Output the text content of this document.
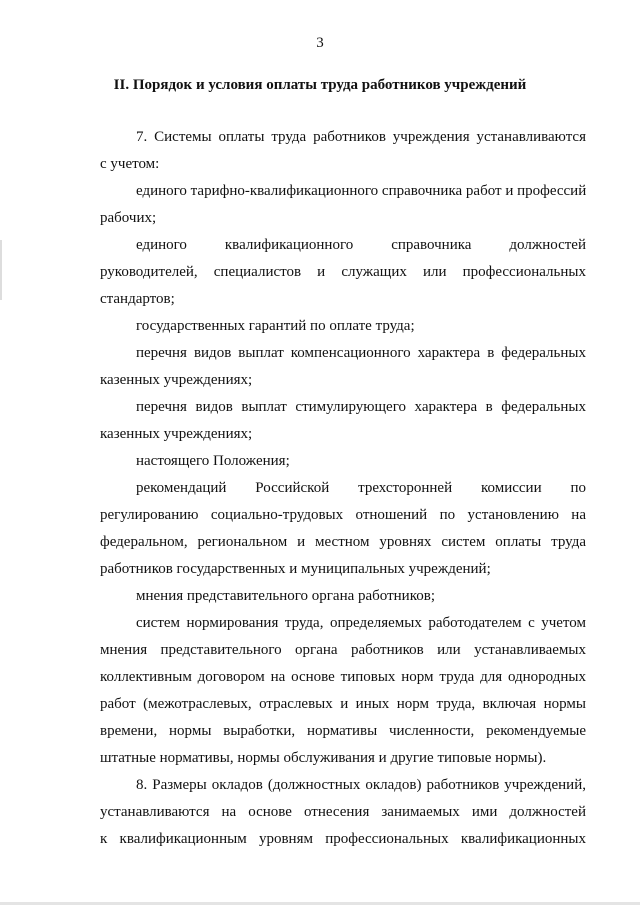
3
II. Порядок и условия оплаты труда работников учреждений
7. Системы оплаты труда работников учреждения устанавливаются
с учетом:
единого тарифно-квалификационного справочника работ и профессий
рабочих;
единого квалификационного справочника должностей
руководителей, специалистов и служащих или профессиональных
стандартов;
государственных гарантий по оплате труда;
перечня видов выплат компенсационного характера в федеральных
казенных учреждениях;
перечня видов выплат стимулирующего характера в федеральных
казенных учреждениях;
настоящего Положения;
рекомендаций Российской трехсторонней комиссии по
регулированию социально-трудовых отношений по установлению на
федеральном, региональном и местном уровнях систем оплаты труда
работников государственных и муниципальных учреждений;
мнения представительного органа работников;
систем нормирования труда, определяемых работодателем с учетом
мнения представительного органа работников или устанавливаемых
коллективным договором на основе типовых норм труда для однородных
работ (межотраслевых, отраслевых и иных норм труда, включая нормы
времени, нормы выработки, нормативы численности, рекомендуемые
штатные нормативы, нормы обслуживания и другие типовые нормы).
8. Размеры окладов (должностных окладов) работников учреждений,
устанавливаются на основе отнесения занимаемых ими должностей
к квалификационным уровням профессиональных квалификационных
